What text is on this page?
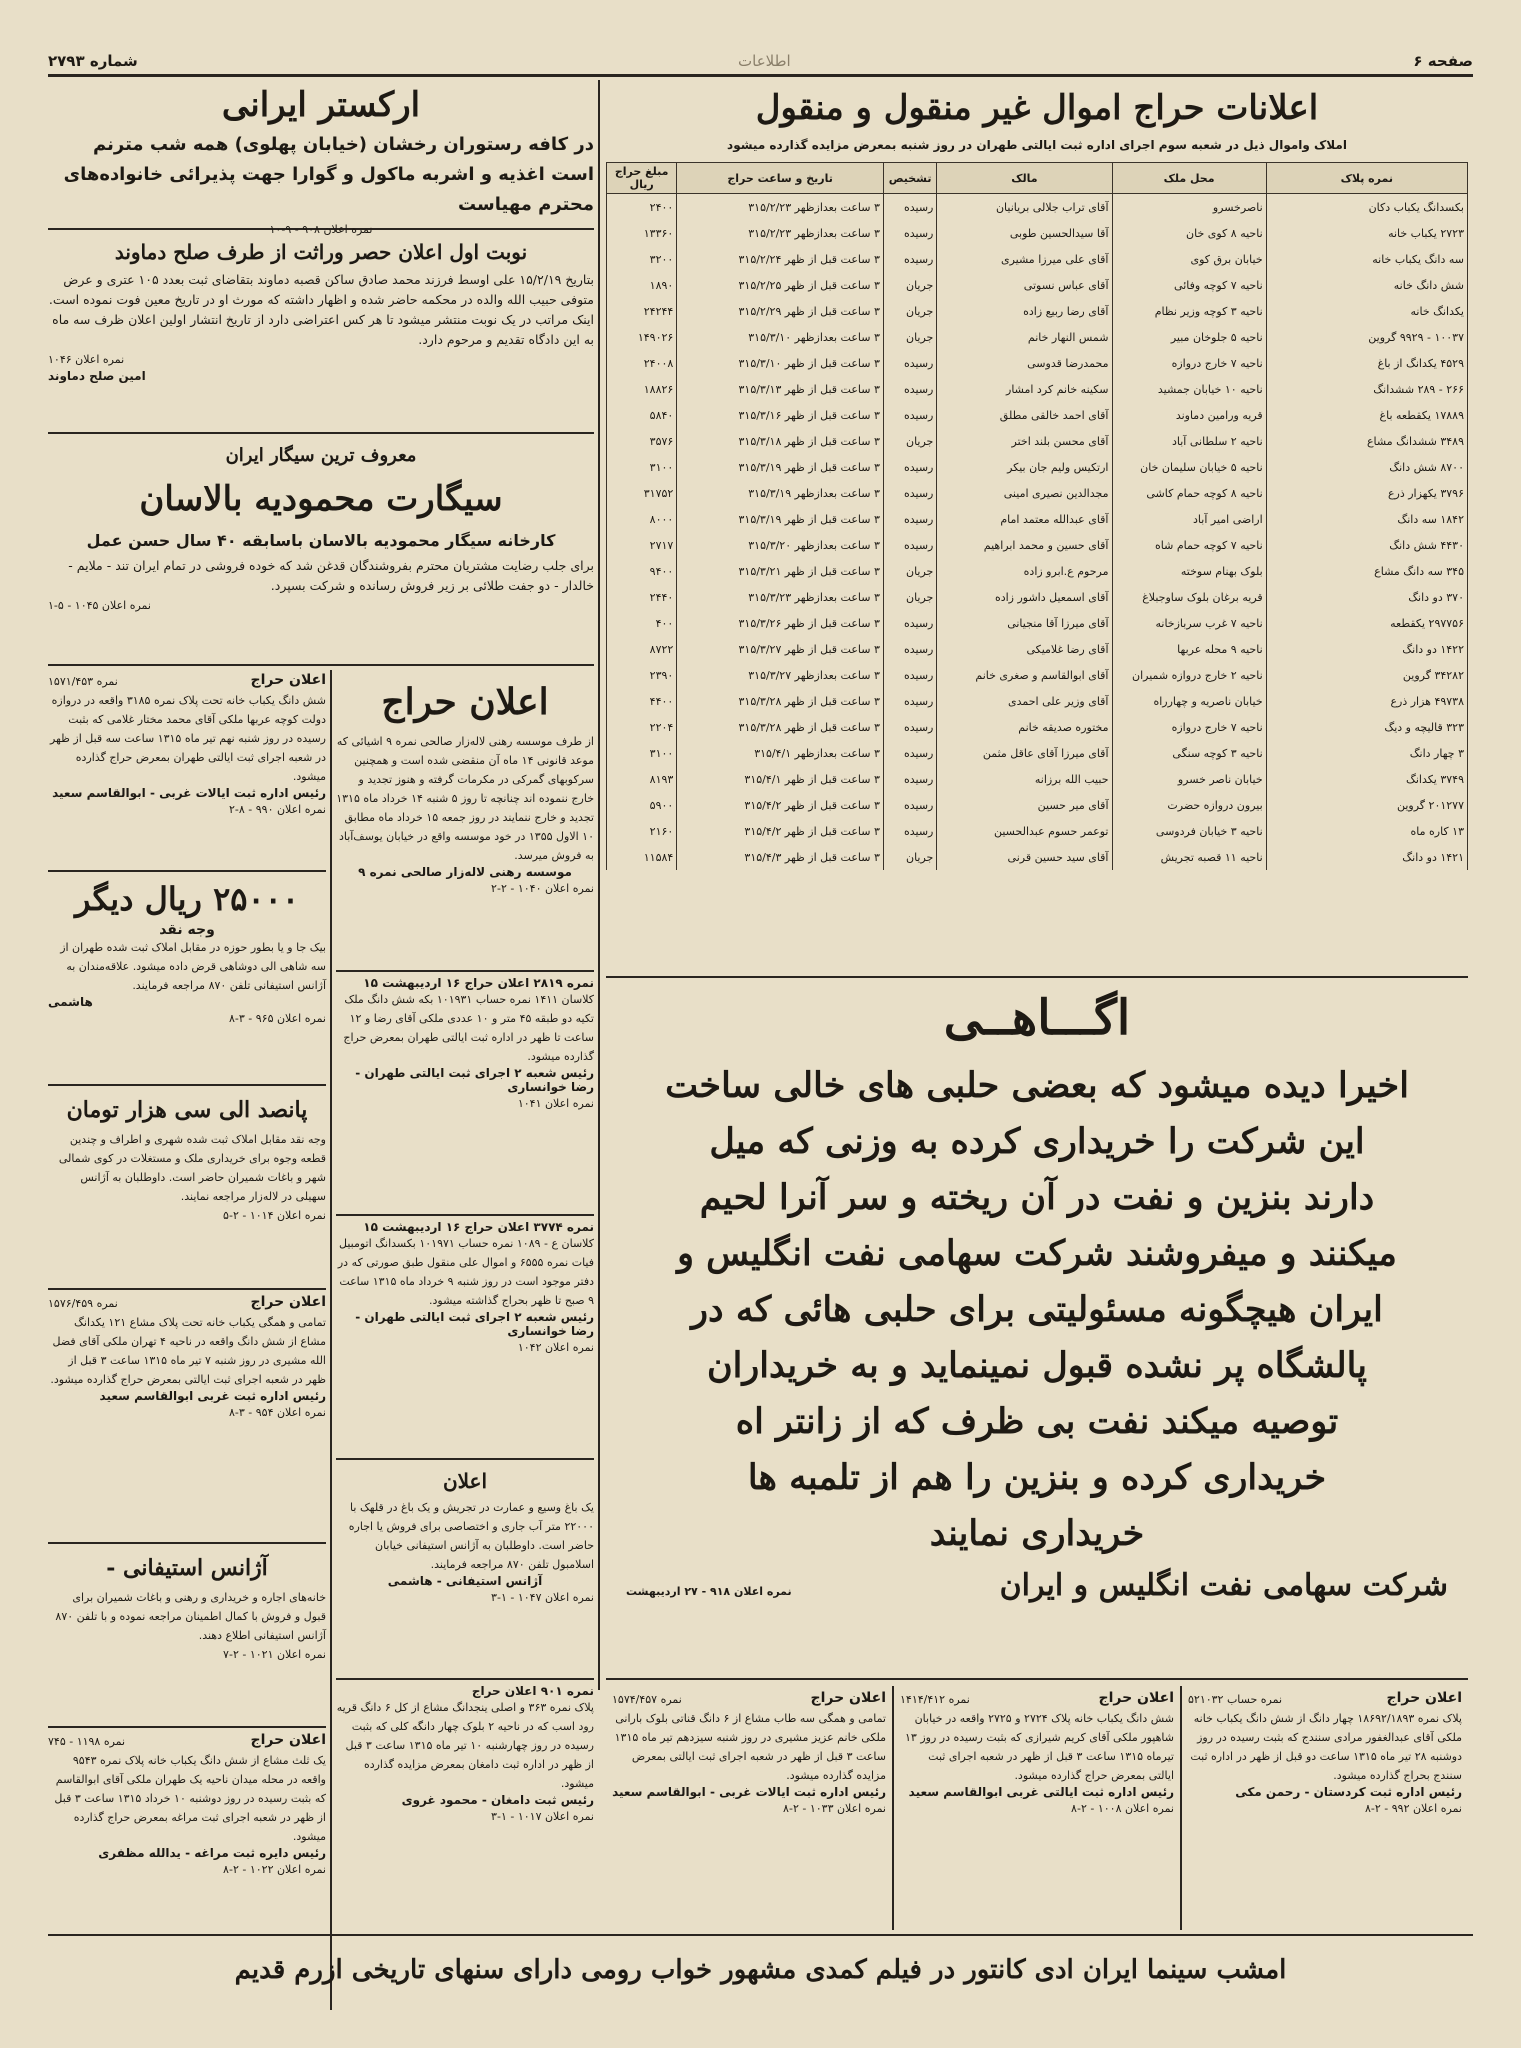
شماره ۲۷۹۳	اطلاعات	صفحه ۶
اعلانات حراج اموال غیر منقول و منقول
املاک واموال ذیل در شعبه سوم اجرای اداره ثبت ایالتی طهران در روز شنبه بمعرض مزایده گذارده میشود
نمره پلاک	محل ملک	مالک	تشخیص	تاریخ و ساعت حراج	مبلغ حراج ریال
بکسدانگ یکباب دکان	ناصرخسرو	آقای تراب جلالی بریانیان	رسیده	۳ ساعت بعدازظهر ۳۱۵/۲/۲۳	۲۴۰۰
۲۷۲۳ یکباب خانه	ناحیه ۸ کوی خان	آقا سیدالحسین طوبی	رسیده	۳ ساعت بعدازظهر ۳۱۵/۲/۲۳	۱۳۳۶۰
سه دانگ یکباب خانه	خیابان برق کوی	آقای علی میرزا مشیری	رسیده	۳ ساعت قبل از ظهر ۳۱۵/۲/۲۴	۳۲۰۰
شش دانگ خانه	ناحیه ۷ کوچه وفائی	آقای عباس نسوتی	جریان	۳ ساعت قبل از ظهر ۳۱۵/۲/۲۵	۱۸۹۰
یکدانگ خانه	ناحیه ۳ کوچه وزیر نظام	آقای رضا ربیع زاده	جریان	۳ ساعت قبل از ظهر ۳۱۵/۲/۲۹	۲۴۲۴۴
۱۰۰۳۷ - ۹۹۲۹ گروین	ناحیه ۵ جلوخان مبیر	شمس النهار خانم	جریان	۳ ساعت بعدازظهر ۳۱۵/۳/۱۰	۱۴۹۰۲۶
۴۵۲۹ یکدانگ از باغ	ناحیه ۷ خارج دروازه	محمدرضا قدوسی	رسیده	۳ ساعت قبل از ظهر ۳۱۵/۳/۱۰	۲۴۰۰۸
۲۶۶ - ۲۸۹ ششدانگ	ناحیه ۱۰ خیابان جمشید	سکینه خانم کرد امشار	رسیده	۳ ساعت قبل از ظهر ۳۱۵/۳/۱۳	۱۸۸۲۶
۱۷۸۸۹ یکقطعه باغ	قریه ورامین دماوند	آقای احمد خالقی مطلق	رسیده	۳ ساعت قبل از ظهر ۳۱۵/۳/۱۶	۵۸۴۰
۳۴۸۹ ششدانگ مشاع	ناحیه ۲ سلطانی آباد	آقای محسن بلند اختر	جریان	۳ ساعت قبل از ظهر ۳۱۵/۳/۱۸	۳۵۷۶
۸۷۰۰ شش دانگ	ناحیه ۵ خیابان سلیمان خان	ارتکیس ولیم جان بیکر	رسیده	۳ ساعت قبل از ظهر ۳۱۵/۳/۱۹	۳۱۰۰
۳۷۹۶ یکهزار ذرع	ناحیه ۸ کوچه حمام کاشی	مجدالدین نصیری امینی	رسیده	۳ ساعت بعدازظهر ۳۱۵/۳/۱۹	۳۱۷۵۲
۱۸۴۲ سه دانگ	اراضی امیر آباد	آقای عبدالله معتمد امام	رسیده	۳ ساعت قبل از ظهر ۳۱۵/۳/۱۹	۸۰۰۰
۴۴۳۰ شش دانگ	ناحیه ۷ کوچه حمام شاه	آقای حسین و محمد ابراهیم	رسیده	۳ ساعت بعدازظهر ۳۱۵/۳/۲۰	۲۷۱۷
۳۴۵ سه دانگ مشاع	بلوک بهنام سوخته	مرحوم ع.ابرو زاده	جریان	۳ ساعت قبل از ظهر ۳۱۵/۳/۲۱	۹۴۰۰
۳۷۰ دو دانگ	قریه برغان بلوک ساوجبلاغ	آقای اسمعیل داشور زاده	جریان	۳ ساعت بعدازظهر ۳۱۵/۳/۲۳	۲۴۴۰
۲۹۷۷۵۶ یکقطعه	ناحیه ۷ غرب سربازخانه	آقای میرزا آقا منجیانی	رسیده	۳ ساعت قبل از ظهر ۳۱۵/۳/۲۶	۴۰۰
۱۴۲۲ دو دانگ	ناحیه ۹ محله عربها	آقای رضا غلامیکی	رسیده	۳ ساعت قبل از ظهر ۳۱۵/۳/۲۷	۸۷۲۲
۳۴۲۸۲ گروین	ناحیه ۲ خارج دروازه شمیران	آقای ابوالقاسم و صغری خانم	رسیده	۳ ساعت بعدازظهر ۳۱۵/۳/۲۷	۲۳۹۰
۴۹۷۳۸ هزار ذرع	خیابان ناصریه و چهارراه	آقای وزیر علی احمدی	رسیده	۳ ساعت قبل از ظهر ۳۱۵/۳/۲۸	۴۴۰۰
۳۲۳ قالیچه و دیگ	ناحیه ۷ خارج دروازه	مختوره صدیقه خانم	رسیده	۳ ساعت قبل از ظهر ۳۱۵/۳/۲۸	۲۲۰۴
۳ چهار دانگ	ناحیه ۳ کوچه سنگی	آقای میرزا آقای عاقل مثمن	رسیده	۳ ساعت بعدازظهر ۳۱۵/۴/۱	۳۱۰۰
۳۷۴۹ یکدانگ	خیابان ناصر خسرو	حبیب الله برزانه	رسیده	۳ ساعت قبل از ظهر ۳۱۵/۴/۱	۸۱۹۳
۲۰۱۲۷۷ گروین	بیرون دروازه حضرت	آقای میر حسین	رسیده	۳ ساعت قبل از ظهر ۳۱۵/۴/۲	۵۹۰۰
۱۳ کاره ماه	ناحیه ۳ خیابان فردوسی	توعمر حسوم عبدالحسین	رسیده	۳ ساعت قبل از ظهر ۳۱۵/۴/۲	۲۱۶۰
۱۴۲۱ دو دانگ	ناحیه ۱۱ قصبه تجریش	آقای سید حسین قرنی	جریان	۳ ساعت قبل از ظهر ۳۱۵/۴/۳	۱۱۵۸۴
ارکستر ایرانی
در کافه رستوران رخشان (خیابان پهلوی) همه شب مترنم است اغذیه و اشربه ماکول و گوارا جهت پذیرائی خانواده‌های محترم مهیاست
نمره اعلان ۹۰۸ - ۹-۱۰
نوبت اول اعلان حصر وراثت از طرف صلح دماوند
بتاریخ ۱۵/۲/۱۹ علی اوسط فرزند محمد صادق ساکن قصبه دماوند بتقاضای ثبت بعدد ۱۰۵ عتری و عرض متوفی حبیب الله والده در محکمه حاضر شده و اظهار داشته که مورث او در تاریخ معین فوت نموده است. اینک مراتب در یک نوبت منتشر میشود تا هر کس اعتراضی دارد از تاریخ انتشار اولین اعلان ظرف سه ماه به این دادگاه تقدیم و مرحوم دارد.
نمره اعلان ۱۰۴۶
امین صلح دماوند
معروف ترین سیگار ایران
سیگارت محمودیه بالاسان
کارخانه سیگار محمودیه بالاسان باسابقه ۴۰ سال حسن عمل
برای جلب رضایت مشتریان محترم بفروشندگان قدغن شد که خوده فروشی در تمام ایران تند - ملایم - خالدار - دو جفت طلائی بر زیر فروش رسانده و شرکت بسپرد.
نمره اعلان ۱۰۴۵ - ۵-۱
اعلان حراج
نمره ۱۵۷۱/۴۵۳
شش دانگ یکباب خانه تحت پلاک نمره ۳۱۸۵ واقعه در دروازه دولت کوچه عربها ملکی آقای محمد مختار غلامی که بثبت رسیده در روز شنبه نهم تیر ماه ۱۳۱۵ ساعت سه قبل از ظهر در شعبه اجرای ثبت ایالتی طهران بمعرض حراج گذارده میشود.
رئیس اداره ثبت ایالات غربی - ابوالقاسم سعید
نمره اعلان ۹۹۰ - ۸-۲
۲۵۰۰۰ ریال دیگر
وجه نقد
بیک جا و یا بطور حوزه در مقابل املاک ثبت شده طهران از سه شاهی الی دوشاهی قرض داده میشود. علاقه‌مندان به آژانس استیفانی تلفن ۸۷۰ مراجعه فرمایند.
هاشمی
نمره اعلان ۹۶۵ - ۳-۸
پانصد الی سی هزار تومان
وجه نقد مقابل املاک ثبت شده شهری و اطراف و چندین قطعه وجوه برای خریداری ملک و مستغلات در کوی شمالی شهر و باغات شمیران حاضر است. داوطلبان به آژانس سهیلی در لاله‌زار مراجعه نمایند.
نمره اعلان ۱۰۱۴ - ۲-۵
اعلان حراج
نمره ۱۵۷۶/۴۵۹
تمامی و همگی یکباب خانه تحت پلاک مشاع ۱۲۱ یکدانگ مشاع از شش دانگ واقعه در ناحیه ۴ تهران ملکی آقای فضل الله مشیری در روز شنبه ۷ تیر ماه ۱۳۱۵ ساعت ۳ قبل از ظهر در شعبه اجرای ثبت ایالتی بمعرض حراج گذارده میشود.
رئیس اداره ثبت غربی ابوالقاسم سعید
نمره اعلان ۹۵۴ - ۳-۸
آژانس استیفانی -
خانه‌های اجاره و خریداری و رهنی و باغات شمیران برای قبول و فروش با کمال اطمینان مراجعه نموده و با تلفن ۸۷۰ آژانس استیفانی اطلاع دهند.
نمره اعلان ۱۰۲۱ - ۲-۷
اعلان حراج
نمره ۱۱۹۸ - ۷۴۵
یک ثلث مشاع از شش دانگ یکباب خانه پلاک نمره ۹۵۴۳ واقعه در محله میدان ناحیه یک طهران ملکی آقای ابوالقاسم که بثبت رسیده در روز دوشنبه ۱۰ خرداد ۱۳۱۵ ساعت ۳ قبل از ظهر در شعبه اجرای ثبت مراغه بمعرض حراج گذارده میشود.
رئیس دایره ثبت مراغه - یدالله مظفری
نمره اعلان ۱۰۲۲ - ۲-۸
اعلان حراج
از طرف موسسه رهنی لاله‌زار صالحی نمره ۹ اشیائی که موعد قانونی ۱۴ ماه آن منقضی شده است و همچنین سرکوبهای گمرکی در مکرمات گرفته و هنوز تجدید و خارج ننموده اند چنانچه تا روز ۵ شنبه ۱۴ خرداد ماه ۱۳۱۵ تجدید و خارج ننمایند در روز جمعه ۱۵ خرداد ماه مطابق ۱۰ الاول ۱۳۵۵ در خود موسسه واقع در خیابان یوسف‌آباد به فروش میرسد.
موسسه رهنی لاله‌زار صالحی نمره ۹
نمره اعلان ۱۰۴۰ - ۲-۲
نمره ۲۸۱۹ اعلان حراج ۱۶ اردیبهشت ۱۵
کلاسان ۱۴۱۱ نمره حساب ۱۰۱۹۳۱ بکه شش دانگ ملک تکیه دو طبقه ۴۵ متر و ۱۰ عددی ملکی آقای رضا و ۱۲ ساعت تا ظهر در اداره ثبت ایالتی طهران بمعرض حراج گذارده میشود.
رئیس شعبه ۲ اجرای ثبت ایالتی طهران - رضا خوانساری
نمره اعلان ۱۰۴۱
نمره ۳۷۷۴ اعلان حراج ۱۶ اردیبهشت ۱۵
کلاسان ع - ۱۰۸۹ نمره حساب ۱۰۱۹۷۱ بکسدانگ اتومبیل فیات نمره ۶۵۵۵ و اموال علی منقول طبق صورتی که در دفتر موجود است در روز شنبه ۹ خرداد ماه ۱۳۱۵ ساعت ۹ صبح تا ظهر بحراج گذاشته میشود.
رئیس شعبه ۲ اجرای ثبت ایالتی طهران - رضا خوانساری
نمره اعلان ۱۰۴۲
اعلان
یک باغ وسیع و عمارت در تجریش و یک باغ در قلهک با ۲۲۰۰۰ متر آب جاری و اختصاصی برای فروش یا اجاره حاضر است. داوطلبان به آژانس استیفانی خیابان اسلامبول تلفن ۸۷۰ مراجعه فرمایند.
آژانس استیفانی - هاشمی
نمره اعلان ۱۰۴۷ - ۱-۳
نمره ۹۰۱ اعلان حراج
پلاک نمره ۳۶۳ و اصلی ینجدانگ مشاع از کل ۶ دانگ قریه رود اسب که در ناحیه ۲ بلوک چهار دانگه کلی که بثبت رسیده در روز چهارشنبه ۱۰ تیر ماه ۱۳۱۵ ساعت ۳ قبل از ظهر در اداره ثبت دامغان بمعرض مزایده گذارده میشود.
رئیس ثبت دامغان - محمود غروی
نمره اعلان ۱۰۱۷ - ۱-۳
اگـــاهــی
اخیرا دیده میشود که بعضی حلبی های خالی ساخت
این شرکت را خریداری کرده به وزنی که میل
دارند بنزین و نفت در آن ریخته و سر آنرا لحیم
میکنند و میفروشند شرکت سهامی نفت انگلیس و
ایران هیچگونه مسئولیتی برای حلبی هائی که در
پالشگاه پر نشده قبول نمینماید و به خریداران
توصیه میکند نفت بی ظرف که از زانتر اه
خریداری کرده و بنزین را هم از تلمبه ها
خریداری نمایند
شرکت سهامی نفت انگلیس و ایران
نمره اعلان ۹۱۸ - ۲۷ اردیبهشت
اعلان حراج
نمره حساب ۵۲۱۰۳۲
پلاک نمره ۱۸۶۹۲/۱۸۹۳ چهار دانگ از شش دانگ یکباب خانه ملکی آقای عبدالغفور مرادی سنندج که بثبت رسیده در روز دوشنبه ۲۸ تیر ماه ۱۳۱۵ ساعت دو قبل از ظهر در اداره ثبت سنندج بحراج گذارده میشود.
رئیس اداره ثبت کردستان - رحمن مکی
نمره اعلان ۹۹۲ - ۲-۸
اعلان حراج
نمره ۱۴۱۴/۴۱۲
شش دانگ یکباب خانه پلاک ۲۷۲۴ و ۲۷۲۵ واقعه در خیابان شاهپور ملکی آقای کریم شیرازی که بثبت رسیده در روز ۱۳ تیرماه ۱۳۱۵ ساعت ۳ قبل از ظهر در شعبه اجرای ثبت ایالتی بمعرض حراج گذارده میشود.
رئیس اداره ثبت ایالتی غربی ابوالقاسم سعید
نمره اعلان ۱۰۰۸ - ۲-۸
اعلان حراج
نمره ۱۵۷۴/۴۵۷
تمامی و همگی سه طاب مشاع از ۶ دانگ قناتی بلوک بارانی ملکی خانم عزیز مشیری در روز شنبه سیزدهم تیر ماه ۱۳۱۵ ساعت ۳ قبل از ظهر در شعبه اجرای ثبت ایالتی بمعرض مزایده گذارده میشود.
رئیس اداره ثبت ایالات غربی - ابوالقاسم سعید
نمره اعلان ۱۰۳۳ - ۲-۸
امشب سینما ایران ادی کانتور در فیلم کمدی مشهور خواب رومی دارای سنهای تاریخی ازرم قدیم
